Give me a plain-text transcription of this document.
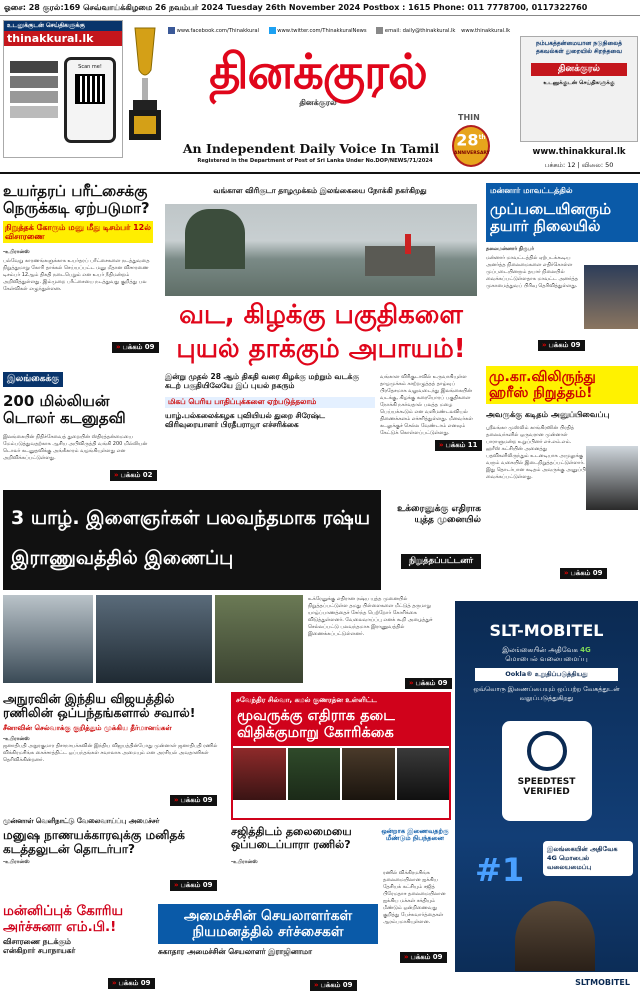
ஓசை: 28 குரல்:169 செவ்வாய்க்கிழமை 26 நவம்பர் 2024 Tuesday 26th November 2024 Postbox : 1615 Phone: 011 7778700, 0117322760
உடனுக்குடன் செய்திகளுக்கு
thinakkural.lk
Scan me!
www.facebook.com/Thinakkural	www.twitter.com/ThinakkuralNews	email: daily@thinakkural.lk www.thinakkural.lk
தினக்குரல்
தினக்குரல்
THIN
28th
ANNIVERSARY
An Independent Daily Voice In Tamil
Registered in the Department of Post of Sri Lanka Under No.DOP/NEWS/71/2024
நம்பகத்தன்மையான நடுநிலைத் தகவல்கள் துறையில் சிறந்தவை
தினக்குரல்
உடனுக்குடன் செய்திகளுக்கு
www.thinakkural.lk
பக்கம்: 12 | விலை: 50
உயர்தரப் பரீட்சைக்கு நெருக்கடி ஏற்படுமா?
நிறுத்தக் கோரும் மனு மீது டிசம்பர் 12ல் விசாரணை
-உபிரான்ஸ்
பல்வேறு காரணங்களுக்காக உயர்தரப் பரீட்சைகளை நடத்துவதை நிறுத்துமாறு கோரி தாக்கல் செய்யப்பட்ட மனு மீதான விசாரணை டிசம்பர் 12ஆம் திகதி நடைபெறும் என உயர் நீதிமன்றம் அறிவித்துள்ளது. இம்முறை பரீட்சையை நடத்துவது குறித்து பல கேள்விகள் எழுந்துள்ளன.
» பக்கம் 09
இலங்கைக்கு
200 மில்லியன் டொலர் கடனுதவி
இலங்கையின் நிதிச்சேவைத் துறையின் ஸ்திரத்தன்மையை மேம்படுத்துவதற்காக ஆசிய அபிவிருத்தி வங்கி 200 மில்லியன் டொலர் கடனுதவிக்கு அங்கீகாரம் வழங்கியுள்ளது என அறிவிக்கப்பட்டுள்ளது.
» பக்கம் 02
வங்காள விரிகுடா தாழமுக்கம் இலங்கையை நோக்கி நகர்கிறது
வட, கிழக்கு பகுதிகளை புயல் தாக்கும் அபாயம்!
இன்று முதல் 28 ஆம் திகதி வரை கிழக்கு மற்றும் வடக்கு கடற் பகுதியிலேயே இப் புயல் நகரும்
மிகப் பெரிய பாதிப்புக்களை ஏற்படுத்தலாம்
யாழ்.பல்கலைக்கழக புவியியல் துறை சிரேஷ்ட விரிவுரையாளர் பிரதீபராஜா எச்சரிக்கை
வங்காள விரிகுடாவில் உருவாகியுள்ள தாழமுக்கம் காற்றழுத்தத் தாழ்வுப் பிரதேசமாக வலுவடைந்து இலங்கையின் வடக்கு, கிழக்கு கரையோரப் பகுதிகளை நோக்கி நகர்வதால் பலத்த மழை பெய்யக்கூடும் என வளிமண்டலவியல் திணைக்களம் எச்சரித்துள்ளது. மீனவர்கள் கடலுக்குச் செல்ல வேண்டாம் எனவும் கேட்டுக் கொள்ளப்பட்டுள்ளது.
» பக்கம் 11
மன்னார் மாவட்டத்தில்
முப்படையினரும் தயார் நிலையில்
தலைமன்னார் நிருபர்
மன்னார் மாவட்டத்தில் ஏற்படக்கூடிய அனர்த்த நிலைமைகளை எதிர்கொள்ள முப்படையினரும் தயார் நிலையில் வைக்கப்பட்டுள்ளதாக மாவட்ட அனர்த்த முகாமைத்துவப் பிரிவு தெரிவித்துள்ளது.
» பக்கம் 09
மு.கா.விலிருந்து ஹரீஸ் நிறுத்தம்!
அவருக்கு கடிதம் அனுப்பிவைப்பு
ஸ்ரீலங்கா முஸ்லிம் காங்கிரஸின் பிரதித் தலைவர்களில் ஒருவரான முன்னாள் பாராளுமன்ற உறுப்பினர் எச்.எம்.எம். ஹரீஸ் கட்சியின் அனைத்து பதவிகளிலிருந்தும் உடனடியாக அமுலுக்கு வரும் வகையில் இடைநிறுத்தப்பட்டுள்ளார். இது தொடர்பான கடிதம் அவருக்கு அனுப்பி வைக்கப்பட்டுள்ளது.
» பக்கம் 09
3 யாழ். இளைஞர்கள் பலவந்தமாக ரஷ்ய இராணுவத்தில் இணைப்பு
உக்ரைனுக்கு எதிராக யுத்த முனையில்
நிறுத்தப்பட்டனர்
உக்ரேனுக்கு எதிரான ரஷ்ய யுத்த முனையில் நிறுத்தப்பட்டுள்ள தமது பிள்ளைகளை மீட்டுத் தருமாறு யாழ்ப்பாணத்தைச் சேர்ந்த பெற்றோர் கோரிக்கை விடுத்துள்ளனர். வேலைவாய்ப்பு எனக் கூறி அழைத்துச் செல்லப்பட்டு பலவந்தமாக இராணுவத்தில் இணைக்கப்பட்டுள்ளனர்.
» பக்கம் 09
SLT-MOBITEL
இலங்கையின் அதிவேக 4G
மொபைல் வலையமைப்பு
Ookla® உறுதிப்படுத்தியது
ஒவ்வொரு இணைப்பையும் ஒப்பற்ற வேகத்துடன் வலுப்படுத்துகிறது
SPEEDTEST
VERIFIED
#1
இலங்கையின் அதிவேக 4G மொபைல் வலையமைப்பு
SLTMOBITEL
அநுரவின் இந்திய விஜயத்தில் ரணிலின் ஒப்பந்தங்களால் சவால்!
சீனாவின் செல்வாக்கு குறித்தும் முக்கிய தீர்மானங்கள்
-உபிரான்ஸ்
ஜனாதிபதி அநுரகுமார திசாநாயக்கவின் இந்திய விஜயத்தின்போது முன்னாள் ஜனாதிபதி ரணில் விக்கிரமசிங்க கைச்சாத்திட்ட ஒப்பந்தங்கள் சவாலாக அமையும் என அரசியல் அவதானிகள் தெரிவிக்கின்றனர்.
» பக்கம் 09
முன்னாள் வெளிநாட்டு வேலைவாய்ப்பு அமைச்சர்
மனுஷ நாணயக்காரவுக்கு மனிதக் கடத்தலுடன் தொடர்பா?
-உபிரான்ஸ்
» பக்கம் 09
சவேந்திர சில்வா, கமல் குணரத்ன உள்ளிட்ட
மூவருக்கு எதிராக தடை விதிக்குமாறு கோரிக்கை
சஜித்திடம் தலைமையை ஒப்படைப்பாரா ரணில்?
ஒன்றாக இணைவதற்கு மீண்டும் நிபந்தனை
-உபிரான்ஸ்
ரணில் விக்கிரமசிங்க தலைமையிலான ஐக்கிய தேசியக் கட்சியும் சஜித் பிரேமதாச தலைமையிலான ஐக்கிய மக்கள் சக்தியும் மீண்டும் ஒன்றிணைவது குறித்து பேச்சுவார்த்தைகள் ஆரம்பமாகியுள்ளன.
» பக்கம் 09
மன்னிப்புக் கோரிய அர்ச்சுனா எம்.பி.!
விசாரணை நடக்கும் என்கிறார் சபாநாயகர்
» பக்கம் 09
அமைச்சின் செயலாளர்கள் நியமனத்தில் சர்ச்சைகள்
சுகாதார அமைச்சின் செயலாளர் இராஜினாமா
» பக்கம் 09
